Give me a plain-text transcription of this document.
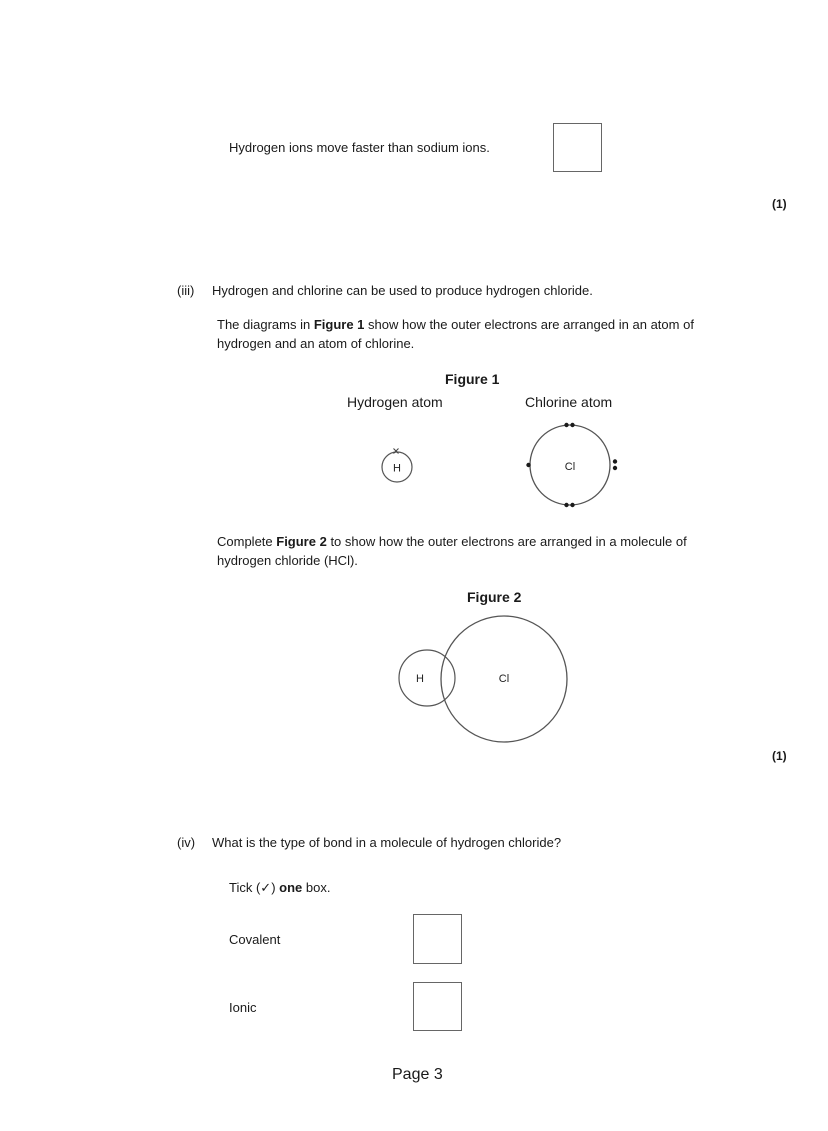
Hydrogen ions move faster than sodium ions.
(1)
(iii) Hydrogen and chlorine can be used to produce hydrogen chloride.
The diagrams in Figure 1 show how the outer electrons are arranged in an atom of
hydrogen and an atom of chlorine.
Figure 1
Hydrogen atom	Chlorine atom
H	Cl
Complete Figure 2 to show how the outer electrons are arranged in a molecule of
hydrogen chloride (HCl).
Figure 2
H	Cl
(1)
(iv) What is the type of bond in a molecule of hydrogen chloride?
Tick (✓) one box.
Covalent
Ionic
Page 3
